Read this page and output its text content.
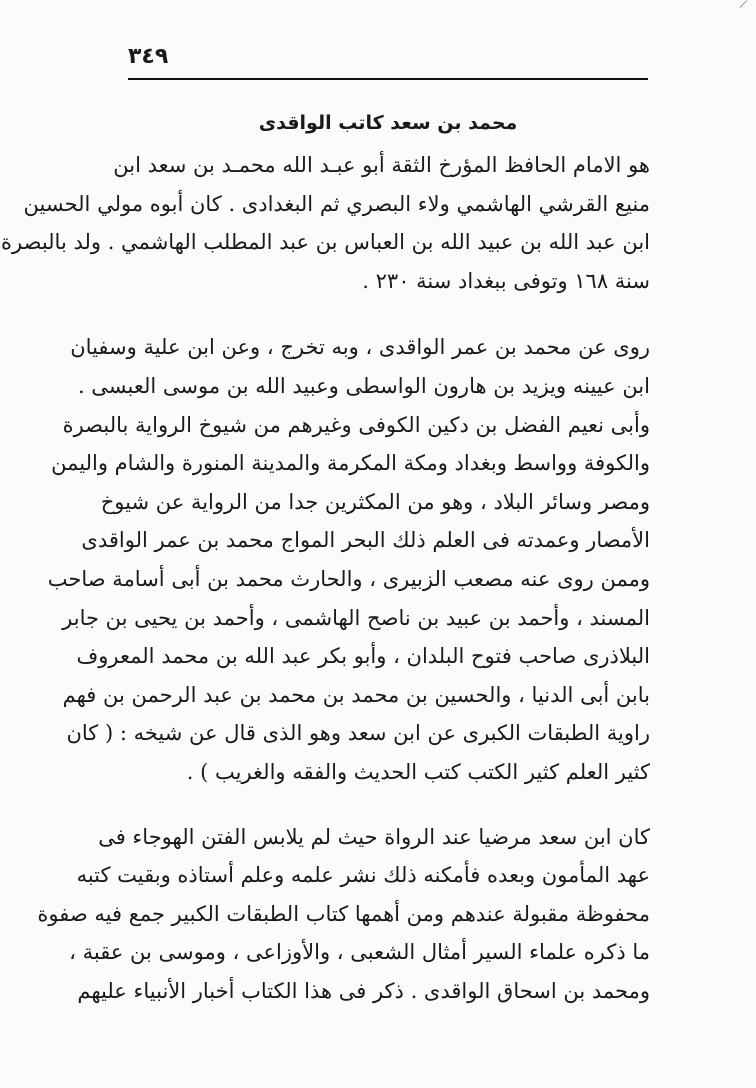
٣٤٩
محمد بن سعد كاتب الواقدى
هو الامام الحافظ المؤرخ الثقة أبو عبـد الله محمـد بن سعد ابن
منيع القرشي الهاشمي ولاء البصري ثم البغدادى . كان أبوه مولي الحسين
ابن عبد الله بن عبيد الله بن العباس بن عبد المطلب الهاشمي . ولد بالبصرة
سنة ١٦٨ وتوفى ببغداد سنة ٢٣٠ .
روى عن محمد بن عمر الواقدى ، وبه تخرج ، وعن ابن علية وسفيان
ابن عيينه ويزيد بن هارون الواسطى وعبيد الله بن موسى العبسى .
وأبى نعيم الفضل بن دكين الكوفى وغيرهم من شيوخ الرواية بالبصرة
والكوفة وواسط وبغداد ومكة المكرمة والمدينة المنورة والشام واليمن
ومصر وسائر البلاد ، وهو من المكثرين جدا من الرواية عن شيوخ
الأمصار وعمدته فى العلم ذلك البحر المواج محمد بن عمر الواقدى
وممن روى عنه مصعب الزبيرى ، والحارث محمد بن أبى أسامة صاحب
المسند ، وأحمد بن عبيد بن ناصح الهاشمى ، وأحمد بن يحيى بن جابر
البلاذرى صاحب فتوح البلدان ، وأبو بكر عبد الله بن محمد المعروف
بابن أبى الدنيا ، والحسين بن محمد بن محمد بن عبد الرحمن بن فهم
راوية الطبقات الكبرى عن ابن سعد وهو الذى قال عن شيخه : ( كان
كثير العلم كثير الكتب كتب الحديث والفقه والغريب ) .
كان ابن سعد مرضيا عند الرواة حيث لم يلابس الفتن الهوجاء فى
عهد المأمون وبعده فأمكنه ذلك نشر علمه وعلم أستاذه وبقيت كتبه
محفوظة مقبولة عندهم ومن أهمها كتاب الطبقات الكبير جمع فيه صفوة
ما ذكره علماء السير أمثال الشعبى ، والأوزاعى ، وموسى بن عقبة ،
ومحمد بن اسحاق الواقدى . ذكر فى هذا الكتاب أخبار الأنبياء عليهم
